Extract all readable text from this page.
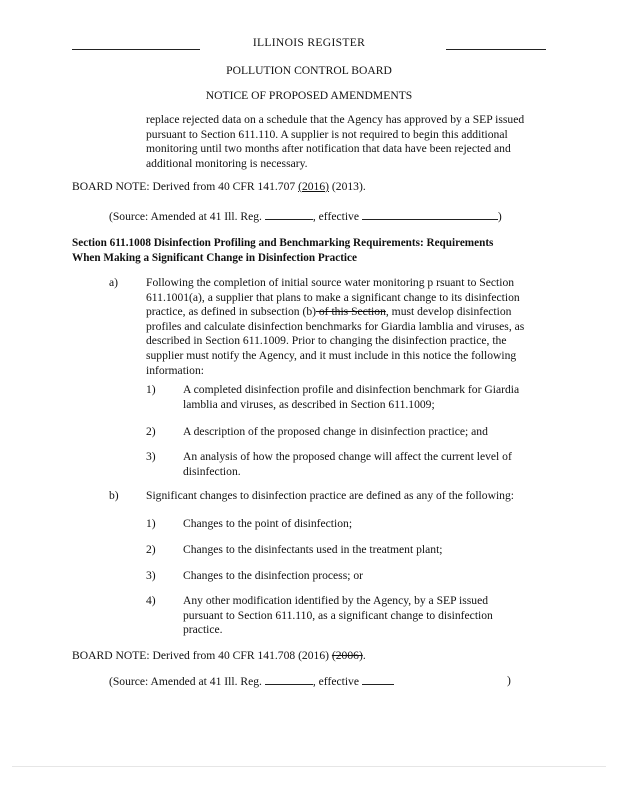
ILLINOIS REGISTER
POLLUTION CONTROL BOARD
NOTICE OF PROPOSED AMENDMENTS
replace rejected data on a schedule that the Agency has approved by a SEP issued
pursuant to Section 611.110. A supplier is not required to begin this additional
monitoring until two months after notification that data have been rejected and
additional monitoring is necessary.
BOARD NOTE: Derived from 40 CFR 141.707 (2016) (2013).
(Source: Amended at 41 Ill. Reg.	, effective	)
Section 611.1008 Disinfection Profiling and Benchmarking Requirements: Requirements
When Making a Significant Change in Disinfection Practice
a) Following the completion of initial source water monitoring p rsuant to Section
611.1001(a), a supplier that plans to make a significant change to its disinfection
practice, as defined in subsection (b) of this Section, must develop disinfection
profiles and calculate disinfection benchmarks for Giardia lamblia and viruses, as
described in Section 611.1009. Prior to changing the disinfection practice, the
supplier must notify the Agency, and it must include in this notice the following
information:
1) A completed disinfection profile and disinfection benchmark for Giardia
lamblia and viruses, as described in Section 611.1009;
2) A description of the proposed change in disinfection practice; and
3) An analysis of how the proposed change will affect the current level of
disinfection.
b) Significant changes to disinfection practice are defined as any of the following:
1) Changes to the point of disinfection;
2) Changes to the disinfectants used in the treatment plant;
3) Changes to the disinfection process; or
4) Any other modification identified by the Agency, by a SEP issued
pursuant to Section 611.110, as a significant change to disinfection
practice.
BOARD NOTE: Derived from 40 CFR 141.708 (2016) (2006).
(Source: Amended at 41 Ill. Reg.	, effective	)
